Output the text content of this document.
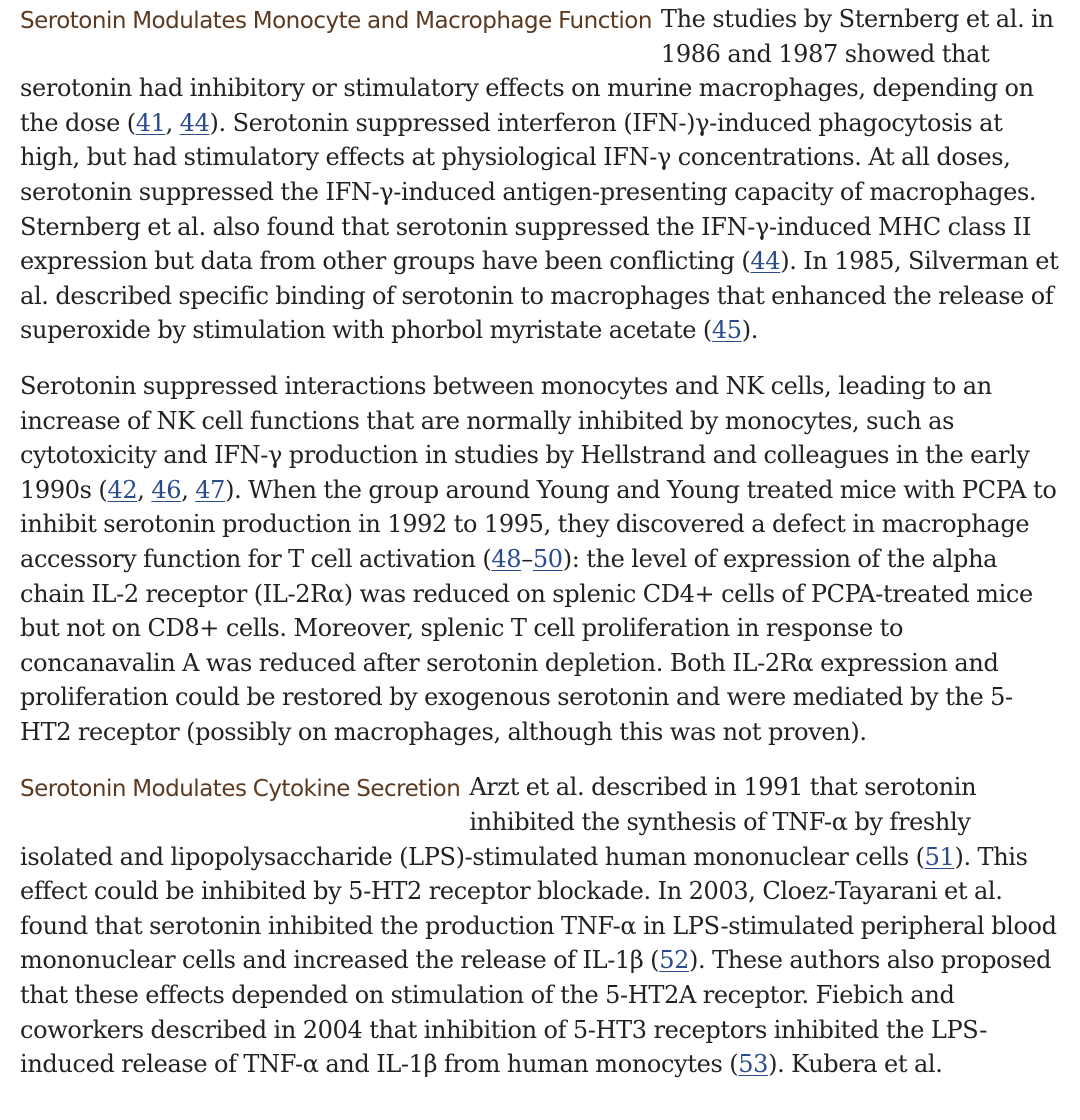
Serotonin Modulates Monocyte and Macrophage Function The studies by Sternberg et al. in 1986 and 1987 showed that serotonin had inhibitory or stimulatory effects on murine macrophages, depending on the dose (41, 44). Serotonin suppressed interferon (IFN-)γ-induced phagocytosis at high, but had stimulatory effects at physiological IFN-γ concentrations. At all doses, serotonin suppressed the IFN-γ-induced antigen-presenting capacity of macrophages. Sternberg et al. also found that serotonin suppressed the IFN-γ-induced MHC class II expression but data from other groups have been conflicting (44). In 1985, Silverman et al. described specific binding of serotonin to macrophages that enhanced the release of superoxide by stimulation with phorbol myristate acetate (45).

Serotonin suppressed interactions between monocytes and NK cells, leading to an increase of NK cell functions that are normally inhibited by monocytes, such as cytotoxicity and IFN-γ production in studies by Hellstrand and colleagues in the early 1990s (42, 46, 47). When the group around Young and Young treated mice with PCPA to inhibit serotonin production in 1992 to 1995, they discovered a defect in macrophage accessory function for T cell activation (48–50): the level of expression of the alpha chain IL-2 receptor (IL-2Rα) was reduced on splenic CD4+ cells of PCPA-treated mice but not on CD8+ cells. Moreover, splenic T cell proliferation in response to concanavalin A was reduced after serotonin depletion. Both IL-2Rα expression and proliferation could be restored by exogenous serotonin and were mediated by the 5-HT2 receptor (possibly on macrophages, although this was not proven).

Serotonin Modulates Cytokine Secretion Arzt et al. described in 1991 that serotonin inhibited the synthesis of TNF-α by freshly isolated and lipopolysaccharide (LPS)-stimulated human mononuclear cells (51). This effect could be inhibited by 5-HT2 receptor blockade. In 2003, Cloez-Tayarani et al. found that serotonin inhibited the production TNF-α in LPS-stimulated peripheral blood mononuclear cells and increased the release of IL-1β (52). These authors also proposed that these effects depended on stimulation of the 5-HT2A receptor. Fiebich and coworkers described in 2004 that inhibition of 5-HT3 receptors inhibited the LPS-induced release of TNF-α and IL-1β from human monocytes (53). Kubera et al.
